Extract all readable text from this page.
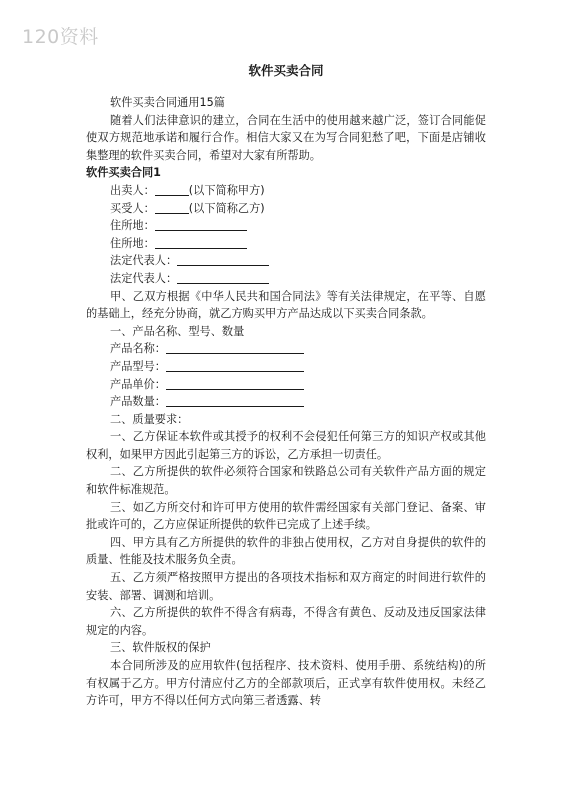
120资料
软件买卖合同

软件买卖合同通用15篇

随着人们法律意识的建立，合同在生活中的使用越来越广泛，签订合同能促使双方规范地承诺和履行合作。相信大家又在为写合同犯愁了吧，下面是店铺收集整理的软件买卖合同，希望对大家有所帮助。

软件买卖合同1

出卖人：	(以下简称甲方)

买受人：	(以下简称乙方)

住所地：

住所地：

法定代表人：

法定代表人：

甲、乙双方根据《中华人民共和国合同法》等有关法律规定，在平等、自愿的基础上，经充分协商，就乙方购买甲方产品达成以下买卖合同条款。

一、产品名称、型号、数量

产品名称：

产品型号：

产品单价：

产品数量：

二、质量要求：

一、乙方保证本软件或其授予的权利不会侵犯任何第三方的知识产权或其他权利，如果甲方因此引起第三方的诉讼，乙方承担一切责任。

二、乙方所提供的软件必须符合国家和铁路总公司有关软件产品方面的规定和软件标准规范。

三、如乙方所交付和许可甲方使用的软件需经国家有关部门登记、备案、审批或许可的，乙方应保证所提供的软件已完成了上述手续。

四、甲方具有乙方所提供的软件的非独占使用权，乙方对自身提供的软件的质量、性能及技术服务负全责。

五、乙方须严格按照甲方提出的各项技术指标和双方商定的时间进行软件的安装、部署、调测和培训。

六、乙方所提供的软件不得含有病毒，不得含有黄色、反动及违反国家法律规定的内容。

三、软件版权的保护

本合同所涉及的应用软件(包括程序、技术资料、使用手册、系统结构)的所有权属于乙方。甲方付清应付乙方的全部款项后，正式享有软件使用权。未经乙方许可，甲方不得以任何方式向第三者透露、转
